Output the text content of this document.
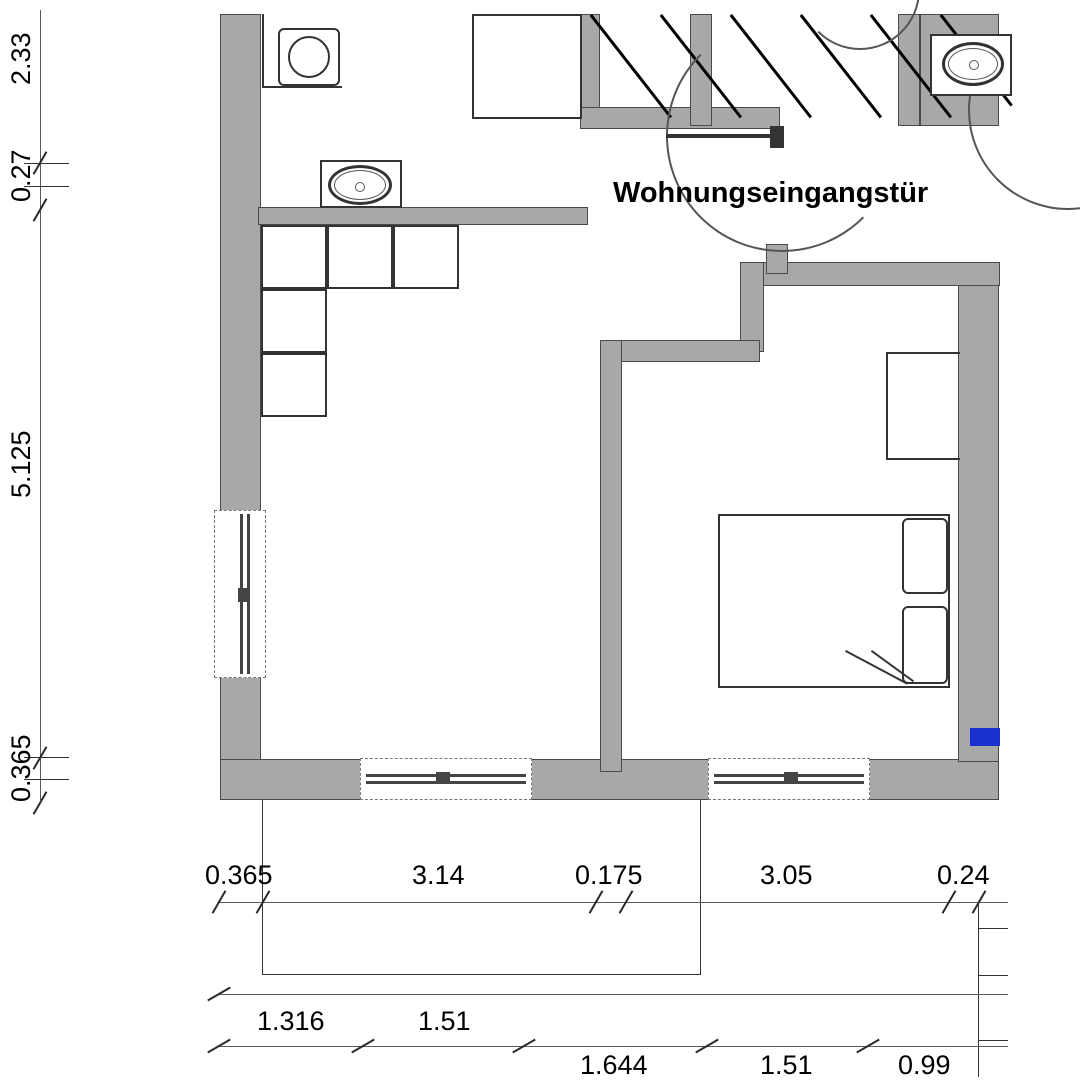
2.33
0.27
5.125
0.365
Wohnungseingangstür
0.365	3.14	0.175	3.05	0.24
1.316	1.51
1.644	1.51	0.99
